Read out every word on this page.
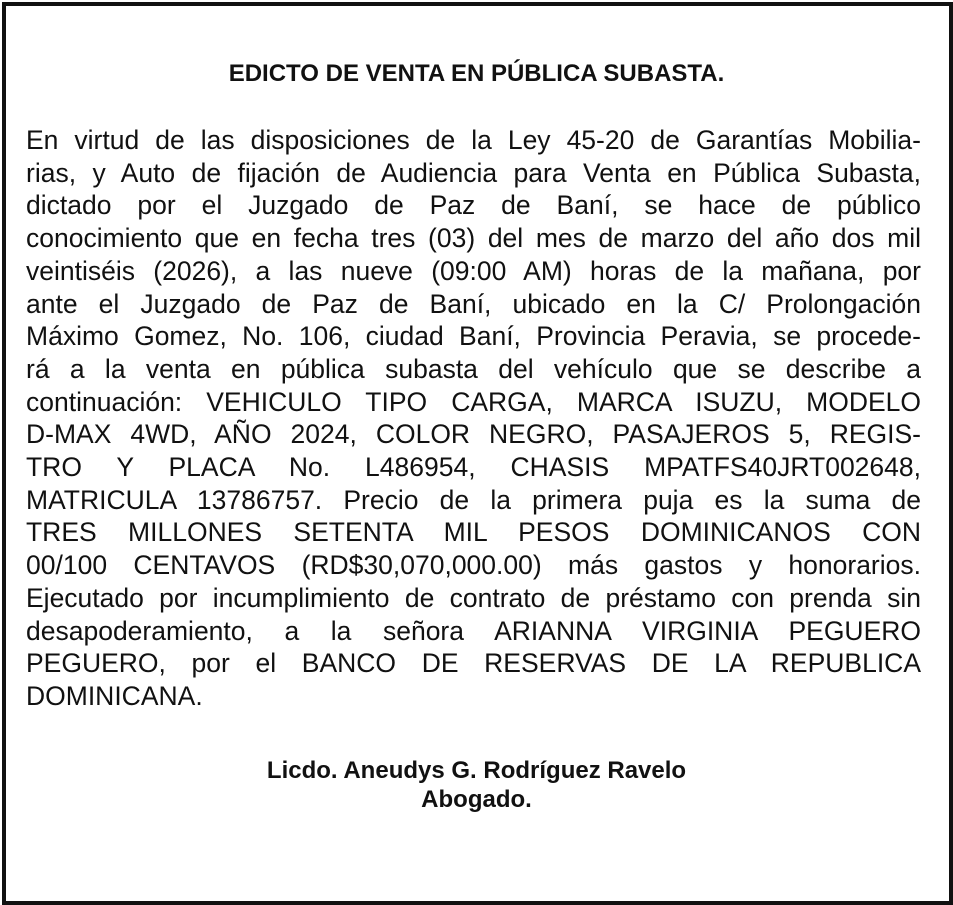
EDICTO DE VENTA EN PÚBLICA SUBASTA.
En virtud de las disposiciones de la Ley 45-20 de Garantías Mobilia-
rias, y Auto de fijación de Audiencia para Venta en Pública Subasta,
dictado por el Juzgado de Paz de Baní, se hace de público
conocimiento que en fecha tres (03) del mes de marzo del año dos mil
veintiséis (2026), a las nueve (09:00 AM) horas de la mañana, por
ante el Juzgado de Paz de Baní, ubicado en la C/ Prolongación
Máximo Gomez, No. 106, ciudad Baní, Provincia Peravia, se procede-
rá a la venta en pública subasta del vehículo que se describe a
continuación: VEHICULO TIPO CARGA, MARCA ISUZU, MODELO
D-MAX 4WD, AÑO 2024, COLOR NEGRO, PASAJEROS 5, REGIS-
TRO Y PLACA No. L486954, CHASIS MPATFS40JRT002648,
MATRICULA 13786757. Precio de la primera puja es la suma de
TRES MILLONES SETENTA MIL PESOS DOMINICANOS CON
00/100 CENTAVOS (RD$30,070,000.00) más gastos y honorarios.
Ejecutado por incumplimiento de contrato de préstamo con prenda sin
desapoderamiento, a la señora ARIANNA VIRGINIA PEGUERO
PEGUERO, por el BANCO DE RESERVAS DE LA REPUBLICA
DOMINICANA.
Licdo. Aneudys G. Rodríguez Ravelo
Abogado.
